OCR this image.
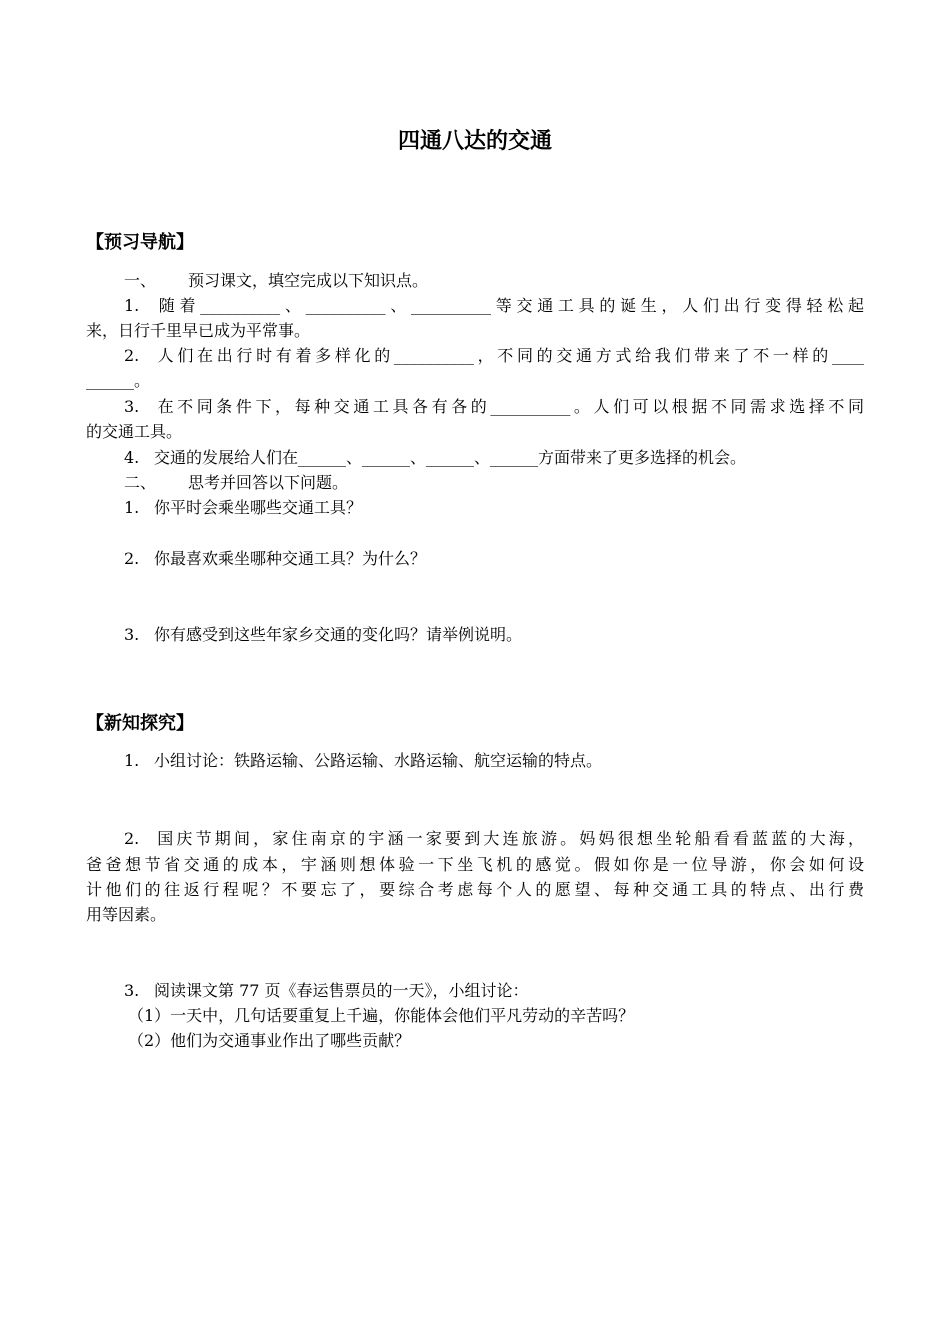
四通八达的交通
【预习导航】
一、 预习课文，填空完成以下知识点。
1. 随着__________、__________、__________等交通工具的诞生，人们出行变得轻松起
来，日行千里早已成为平常事。
2. 人们在出行时有着多样化的__________，不同的交通方式给我们带来了不一样的____
______。
3. 在不同条件下，每种交通工具各有各的__________。人们可以根据不同需求选择不同
的交通工具。
4. 交通的发展给人们在______、______、______、______方面带来了更多选择的机会。
二、 思考并回答以下问题。
1. 你平时会乘坐哪些交通工具？
2. 你最喜欢乘坐哪种交通工具？为什么？
3. 你有感受到这些年家乡交通的变化吗？请举例说明。
【新知探究】
1. 小组讨论：铁路运输、公路运输、水路运输、航空运输的特点。
2. 国庆节期间，家住南京的宇涵一家要到大连旅游。妈妈很想坐轮船看看蓝蓝的大海，
爸爸想节省交通的成本，宇涵则想体验一下坐飞机的感觉。假如你是一位导游，你会如何设
计他们的往返行程呢？不要忘了，要综合考虑每个人的愿望、每种交通工具的特点、出行费
用等因素。
3. 阅读课文第 77 页《春运售票员的一天》，小组讨论：
（1）一天中，几句话要重复上千遍，你能体会他们平凡劳动的辛苦吗？
（2）他们为交通事业作出了哪些贡献？
